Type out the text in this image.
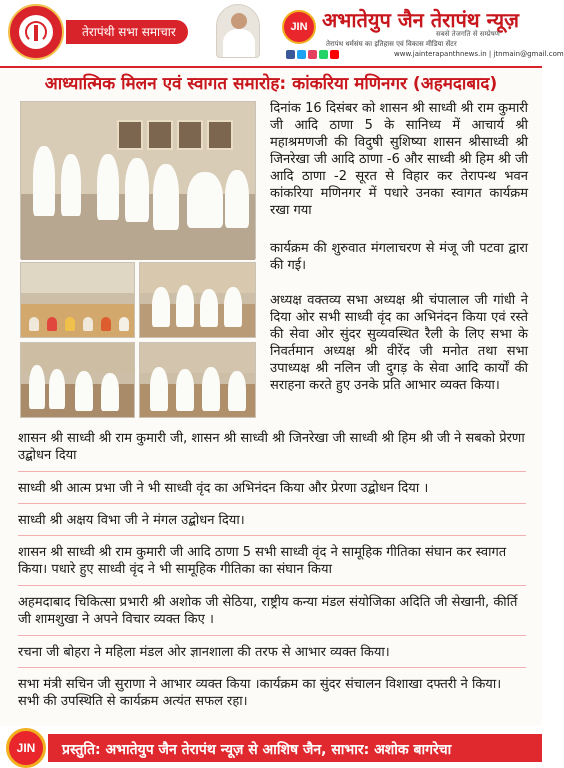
तेरापंथी सभा समाचार	JIN अभातेयुप जैन तेरापंथ न्यूज़
सबसे तेजगति से सम्प्रेषण
तेरापंथ धर्मसंघ का इतिहास एवं विकास मीडिया सेंटर
www.jainterapanthnews.in | jtnmain@gmail.com
आध्यात्मिक मिलन एवं स्वागत समारोह: कांकरिया मणिनगर (अहमदाबाद)

दिनांक 16 दिसंबर को शासन श्री साध्वी श्री राम कुमारी जी आदि ठाणा 5 के सानिध्य में आचार्य श्री महाश्रमणजी की विदुषी सुशिष्या शासन श्रीसाध्वी श्री जिनरेखा जी आदि ठाणा -6 और साध्वी श्री हिम श्री जी आदि ठाणा -2 सूरत से विहार कर तेरापन्थ भवन कांकरिया मणिनगर में पधारे उनका स्वागत कार्यक्रम रखा गया

कार्यक्रम की शुरुवात मंगलाचरण से मंजू जी पटवा द्वारा की गई।

अध्यक्ष वक्तव्य सभा अध्यक्ष श्री चंपालाल जी गांधी ने दिया ओर सभी साध्वी वृंद का अभिनंदन किया एवं रस्ते की सेवा ओर सुंदर सुव्यवस्थित रैली के लिए सभा के निवर्तमान अध्यक्ष श्री वीरेंद जी मनोत तथा सभा उपाध्यक्ष श्री नलिन जी दुगड़ के सेवा आदि कार्यों की सराहना करते हुए उनके प्रति आभार व्यक्त किया।

शासन श्री साध्वी श्री राम कुमारी जी, शासन श्री साध्वी श्री जिनरेखा जी साध्वी श्री हिम श्री जी ने सबको प्रेरणा उद्बोधन दिया

साध्वी श्री आत्म प्रभा जी ने भी साध्वी वृंद का अभिनंदन किया और प्रेरणा उद्बोधन दिया ।

साध्वी श्री अक्षय विभा जी ने मंगल उद्बोधन दिया।

शासन श्री साध्वी श्री राम कुमारी जी आदि ठाणा 5 सभी साध्वी वृंद ने सामूहिक गीतिका संघान कर स्वागत किया। पधारे हुए साध्वी वृंद ने भी सामूहिक गीतिका का संघान किया

अहमदाबाद चिकित्सा प्रभारी श्री अशोक जी सेठिया, राष्ट्रीय कन्या मंडल संयोजिका अदिति जी सेखानी, कीर्ति जी शामशुखा ने अपने विचार व्यक्त किए ।

रचना जी बोहरा ने महिला मंडल ओर ज्ञानशाला की तरफ से आभार व्यक्त किया।

सभा मंत्री सचिन जी सुराणा ने आभार व्यक्त किया ।कार्यक्रम का सुंदर संचालन विशाखा दफ्तरी ने किया। सभी की उपस्थिति से कार्यक्रम अत्यंत सफल रहा।

JIN	प्रस्तुति: अभातेयुप जैन तेरापंथ न्यूज़ से आशिष जैन, साभार: अशोक बागरेचा
